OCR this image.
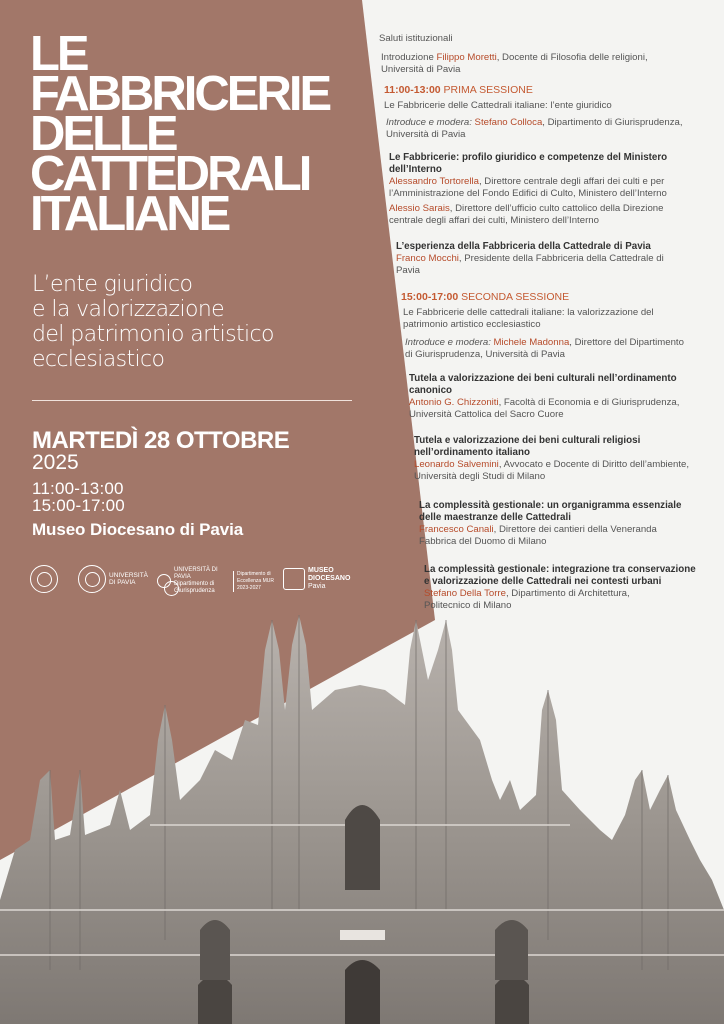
LE
FABBRICERIE
DELLE
CATTEDRALI
ITALIANE
L’ente giuridico
e la valorizzazione
del patrimonio artistico
ecclesiastico
MARTEDÌ 28 OTTOBRE
2025
11:00-13:00
15:00-17:00
Museo Diocesano di Pavia
UNIVERSITÀ DI PAVIA
UNIVERSITÀ DI PAVIA
Dipartimento di GiurisprudenzaDipartimento di Eccellenza MUR 2023-2027
MUSEO
DIOCESANO
Pavia
Saluti istituzionali
Introduzione Filippo Moretti, Docente di Filosofia delle religioni,
Università di Pavia
11:00-13:00 PRIMA SESSIONE
Le Fabbricerie delle Cattedrali italiane: l’ente giuridico
Introduce e modera: Stefano Colloca, Dipartimento di Giurisprudenza,
Università di Pavia
Le Fabbricerie: profilo giuridico e competenze del Ministero
dell’Interno
Alessandro Tortorella, Direttore centrale degli affari dei culti e per
l’Amministrazione del Fondo Edifici di Culto, Ministero dell’Interno

Alessio Sarais, Direttore dell’ufficio culto cattolico della Direzione
centrale degli affari dei culti, Ministero dell’Interno
L’esperienza della Fabbriceria della Cattedrale di Pavia
Franco Mocchi, Presidente della Fabbriceria della Cattedrale di
Pavia
15:00-17:00 SECONDA SESSIONE
Le Fabbricerie delle cattedrali italiane: la valorizzazione del
patrimonio artistico ecclesiastico
Introduce e modera: Michele Madonna, Direttore del Dipartimento
di Giurisprudenza, Università di Pavia
Tutela a valorizzazione dei beni culturali nell’ordinamento
canonico
Antonio G. Chizzoniti, Facoltà di Economia e di Giurisprudenza,
Università Cattolica del Sacro Cuore
Tutela e valorizzazione dei beni culturali religiosi
nell’ordinamento italiano
Leonardo Salvemini, Avvocato e Docente di Diritto dell’ambiente,
Università degli Studi di Milano
La complessità gestionale: un organigramma essenziale
delle maestranze delle Cattedrali
Francesco Canali, Direttore dei cantieri della Veneranda
Fabbrica del Duomo di Milano
La complessità gestionale: integrazione tra conservazione
e valorizzazione delle Cattedrali nei contesti urbani
Stefano Della Torre, Dipartimento di Architettura,
Politecnico di Milano
